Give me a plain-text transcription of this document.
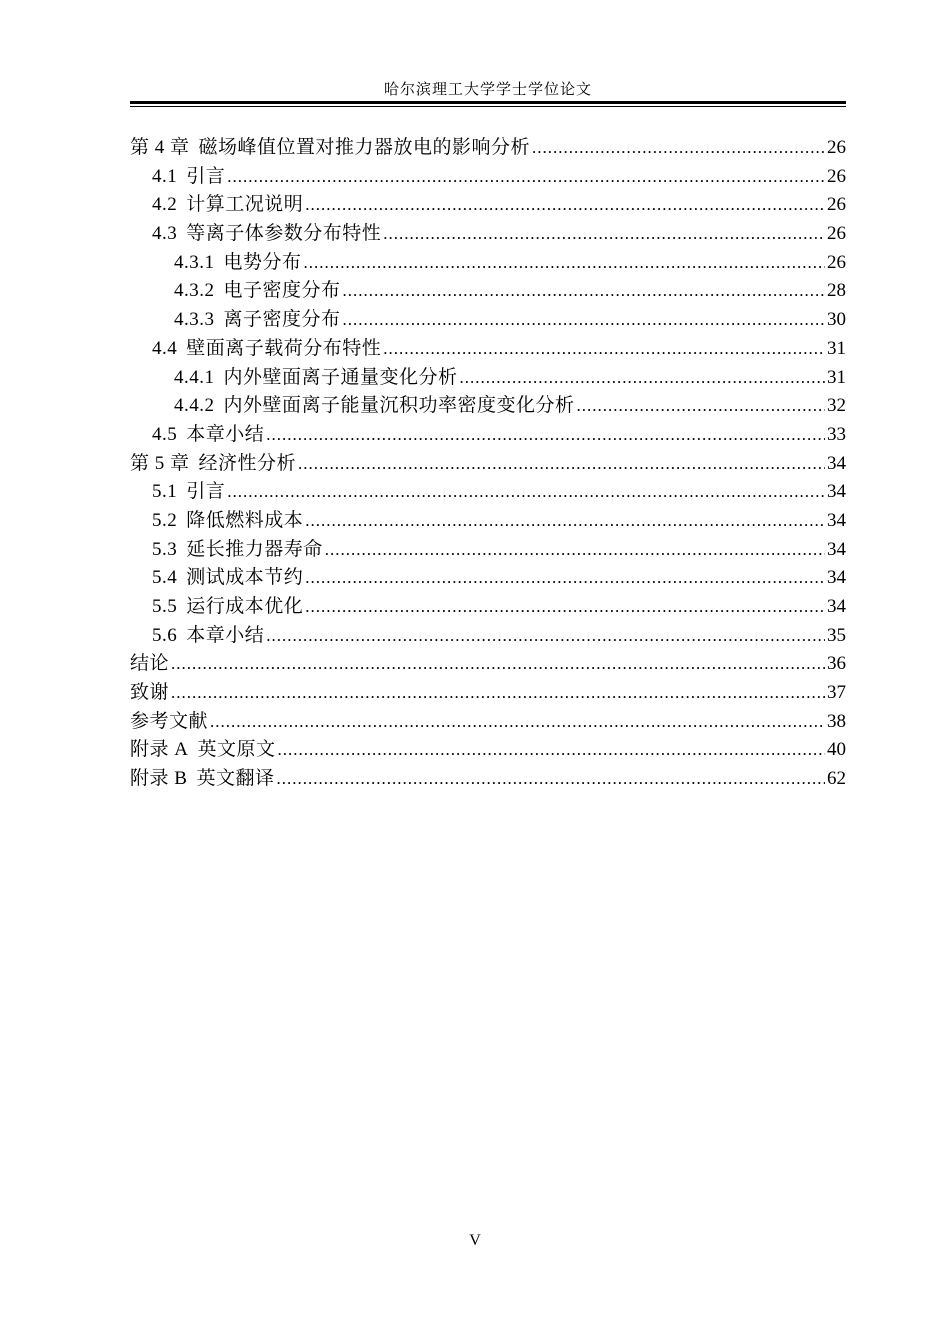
哈尔滨理工大学学士学位论文
第 4 章 磁场峰值位置对推力器放电的影响分析 .....	26
4.1 引言 .....	26
4.2 计算工况说明 .....	26
4.3 等离子体参数分布特性 .....	26
4.3.1 电势分布 .....	26
4.3.2 电子密度分布 .....	28
4.3.3 离子密度分布 .....	30
4.4 壁面离子载荷分布特性 .....	31
4.4.1 内外壁面离子通量变化分析 .....	31
4.4.2 内外壁面离子能量沉积功率密度变化分析 .....	32
4.5 本章小结 .....	33
第 5 章 经济性分析 .....	34
5.1 引言 .....	34
5.2 降低燃料成本 .....	34
5.3 延长推力器寿命 .....	34
5.4 测试成本节约 .....	34
5.5 运行成本优化 .....	34
5.6 本章小结 .....	35
结论 .....	36
致谢 .....	37
参考文献 .....	38
附录 A 英文原文 .....	40
附录 B 英文翻译 .....	62
V
